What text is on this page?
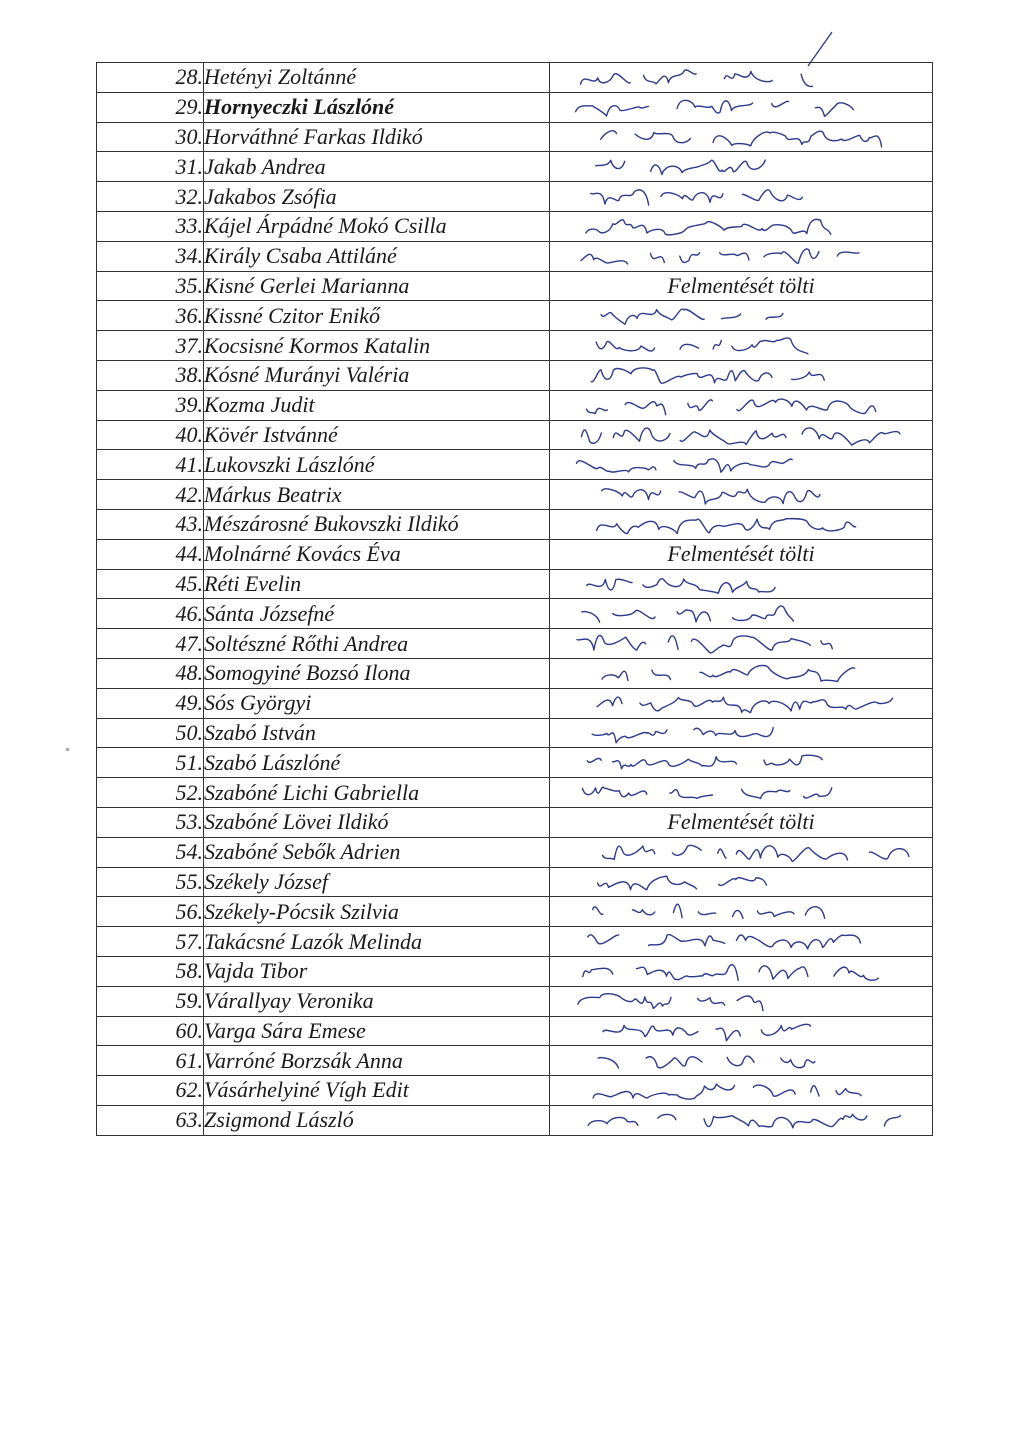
28.	Hetényi Zoltánné	

29.	Hornyeczki Lászlóné	

30.	Horváthné Farkas Ildikó	

31.	Jakab Andrea	

32.	Jakabos Zsófia	

33.	Kájel Árpádné Mokó Csilla	

34.	Király Csaba Attiláné	

35.	Kisné Gerlei Marianna	Felmentését tölti

36.	Kissné Czitor Enikő	

37.	Kocsisné Kormos Katalin	

38.	Kósné Murányi Valéria	

39.	Kozma Judit	

40.	Kövér Istvánné	

41.	Lukovszki Lászlóné	

42.	Márkus Beatrix	

43.	Mészárosné Bukovszki Ildikó	

44.	Molnárné Kovács Éva	Felmentését tölti

45.	Réti Evelin	

46.	Sánta Józsefné	

47.	Soltészné Rőthi Andrea	

48.	Somogyiné Bozsó Ilona	

49.	Sós Györgyi	

50.	Szabó István	

51.	Szabó Lászlóné	

52.	Szabóné Lichi Gabriella	

53.	Szabóné Lövei Ildikó	Felmentését tölti

54.	Szabóné Sebők Adrien	

55.	Székely József	

56.	Székely-Pócsik Szilvia	

57.	Takácsné Lazók Melinda	

58.	Vajda Tibor	

59.	Várallyay Veronika	

60.	Varga Sára Emese	

61.	Varróné Borzsák Anna	

62.	Vásárhelyiné Vígh Edit	

63.	Zsigmond László	
